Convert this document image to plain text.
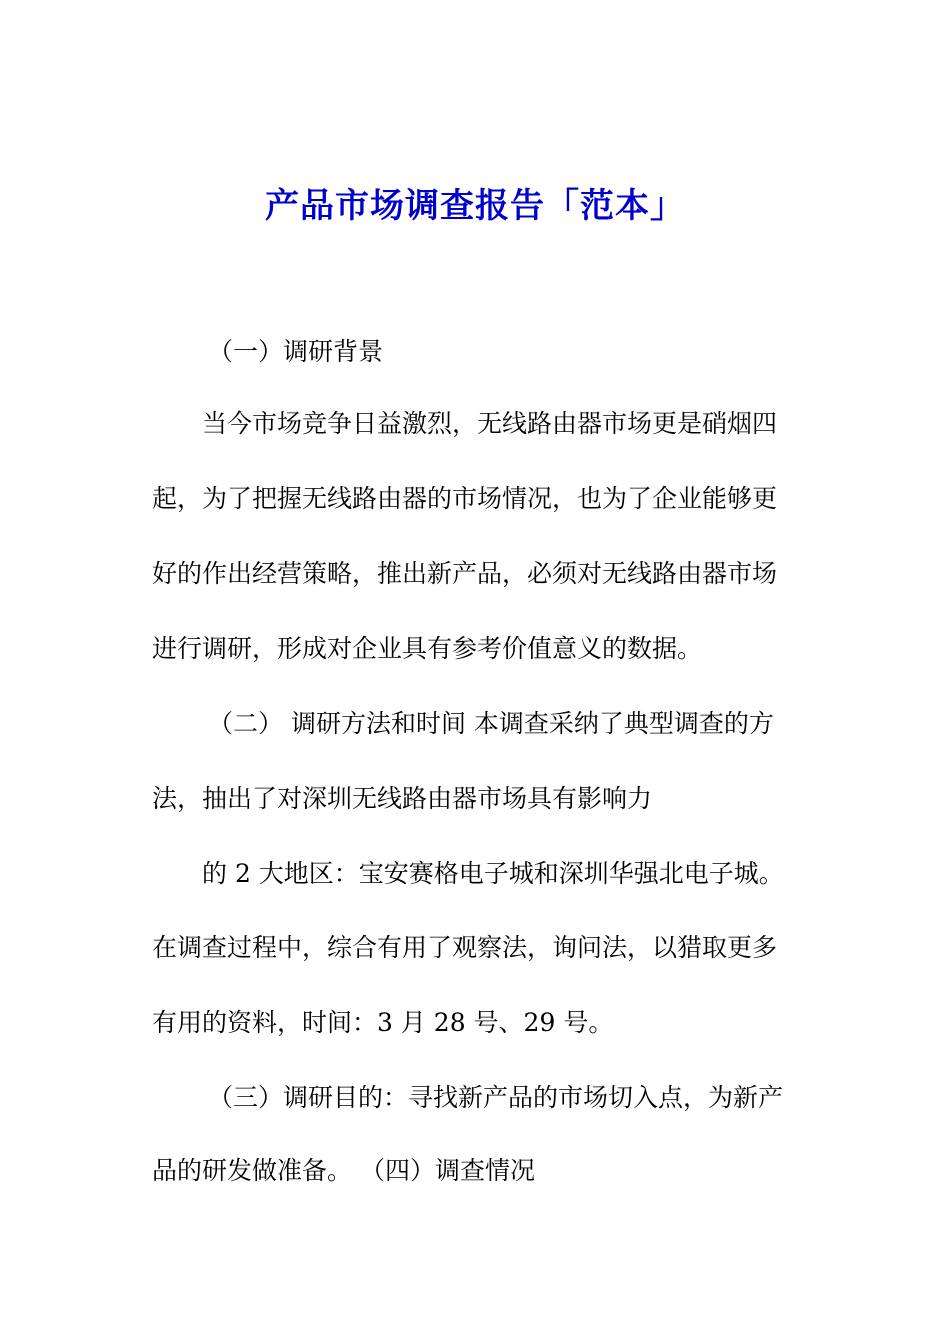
产品市场调查报告「范本」
（一）调研背景
当今市场竞争日益激烈，无线路由器市场更是硝烟四
起，为了把握无线路由器的市场情况，也为了企业能够更
好的作出经营策略，推出新产品，必须对无线路由器市场
进行调研，形成对企业具有参考价值意义的数据。
（二） 调研方法和时间 本调查采纳了典型调查的方
法，抽出了对深圳无线路由器市场具有影响力
的 2 大地区：宝安赛格电子城和深圳华强北电子城。
在调查过程中，综合有用了观察法，询问法，以猎取更多
有用的资料，时间：3 月 28 号、29 号。
（三）调研目的：寻找新产品的市场切入点，为新产
品的研发做准备。 （四）调查情况
